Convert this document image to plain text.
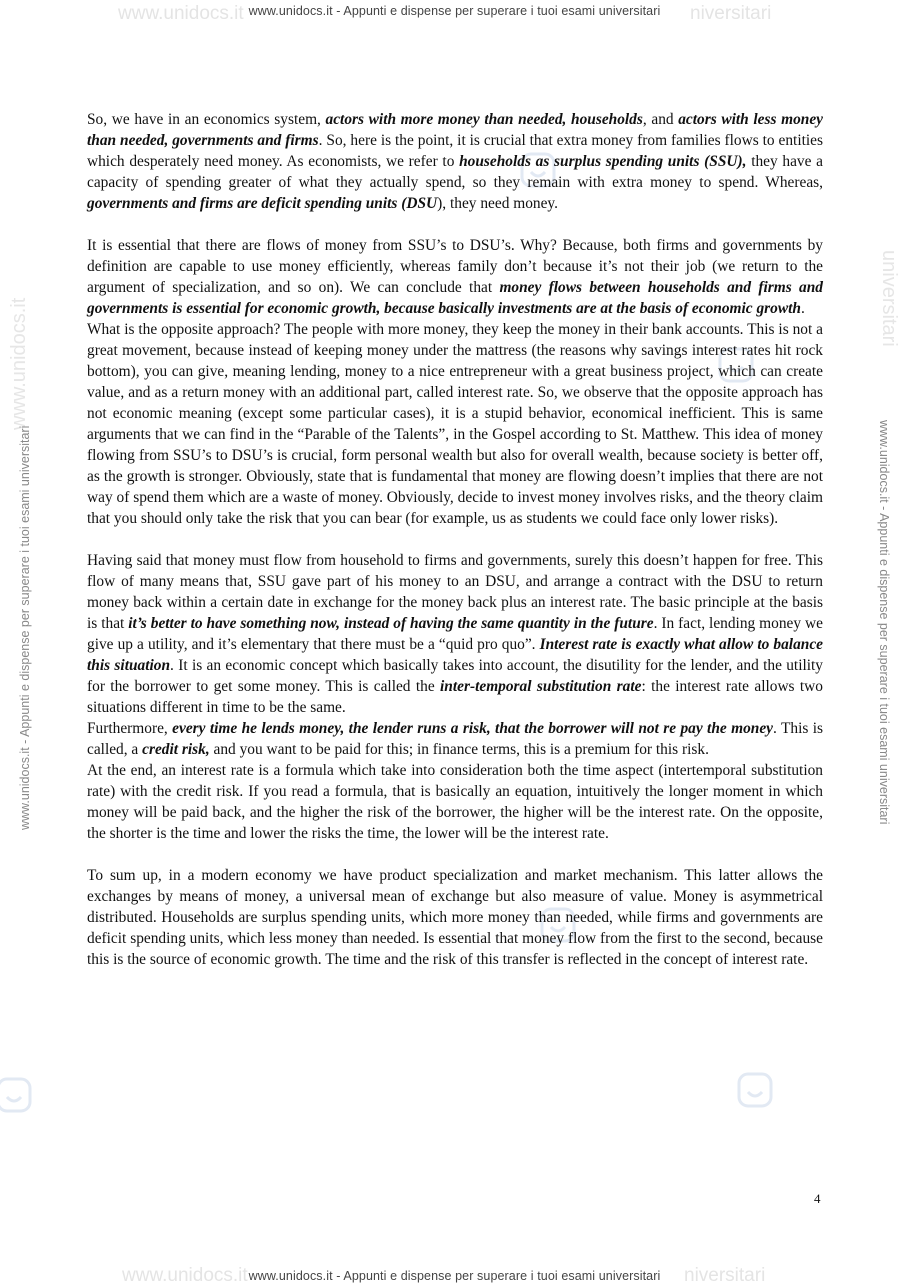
www.unidocs.it	niversitari
www.unidocs.it - Appunti e dispense per superare i tuoi esami universitari
www.unidocs.it	universitari
www.unidocs.it - Appunti e dispense per superare i tuoi esami universitari	www.unidocs.it - Appunti e dispense per superare i tuoi esami universitari

So, we have in an economics system, actors with more money than needed, households, and actors with less money than needed, governments and firms. So, here is the point, it is crucial that extra money from families flows to entities which desperately need money. As economists, we refer to households as surplus spending units (SSU), they have a capacity of spending greater of what they actually spend, so they remain with extra money to spend. Whereas, governments and firms are deficit spending units (DSU), they need money.

It is essential that there are flows of money from SSU’s to DSU’s. Why? Because, both firms and governments by definition are capable to use money efficiently, whereas family don’t because it’s not their job (we return to the argument of specialization, and so on). We can conclude that money flows between households and firms and governments is essential for economic growth, because basically investments are at the basis of economic growth.

What is the opposite approach? The people with more money, they keep the money in their bank accounts. This is not a great movement, because instead of keeping money under the mattress (the reasons why savings interest rates hit rock bottom), you can give, meaning lending, money to a nice entrepreneur with a great business project, which can create value, and as a return money with an additional part, called interest rate. So, we observe that the opposite approach has not economic meaning (except some particular cases), it is a stupid behavior, economical inefficient. This is same arguments that we can find in the “Parable of the Talents”, in the Gospel according to St. Matthew. This idea of money flowing from SSU’s to DSU’s is crucial, form personal wealth but also for overall wealth, because society is better off, as the growth is stronger. Obviously, state that is fundamental that money are flowing doesn’t implies that there are not way of spend them which are a waste of money. Obviously, decide to invest money involves risks, and the theory claim that you should only take the risk that you can bear (for example, us as students we could face only lower risks).

Having said that money must flow from household to firms and governments, surely this doesn’t happen for free. This flow of many means that, SSU gave part of his money to an DSU, and arrange a contract with the DSU to return money back within a certain date in exchange for the money back plus an interest rate. The basic principle at the basis is that it’s better to have something now, instead of having the same quantity in the future. In fact, lending money we give up a utility, and it’s elementary that there must be a “quid pro quo”. Interest rate is exactly what allow to balance this situation. It is an economic concept which basically takes into account, the disutility for the lender, and the utility for the borrower to get some money. This is called the inter-temporal substitution rate: the interest rate allows two situations different in time to be the same.

Furthermore, every time he lends money, the lender runs a risk, that the borrower will not re pay the money. This is called, a credit risk, and you want to be paid for this; in finance terms, this is a premium for this risk.

At the end, an interest rate is a formula which take into consideration both the time aspect (intertemporal substitution rate) with the credit risk. If you read a formula, that is basically an equation, intuitively the longer moment in which money will be paid back, and the higher the risk of the borrower, the higher will be the interest rate. On the opposite, the shorter is the time and lower the risks the time, the lower will be the interest rate.

To sum up, in a modern economy we have product specialization and market mechanism. This latter allows the exchanges by means of money, a universal mean of exchange but also measure of value. Money is asymmetrical distributed. Households are surplus spending units, which more money than needed, while firms and governments are deficit spending units, which less money than needed. Is essential that money flow from the first to the second, because this is the source of economic growth. The time and the risk of this transfer is reflected in the concept of interest rate.

4
www.unidocs.it	niversitari
www.unidocs.it - Appunti e dispense per superare i tuoi esami universitari
